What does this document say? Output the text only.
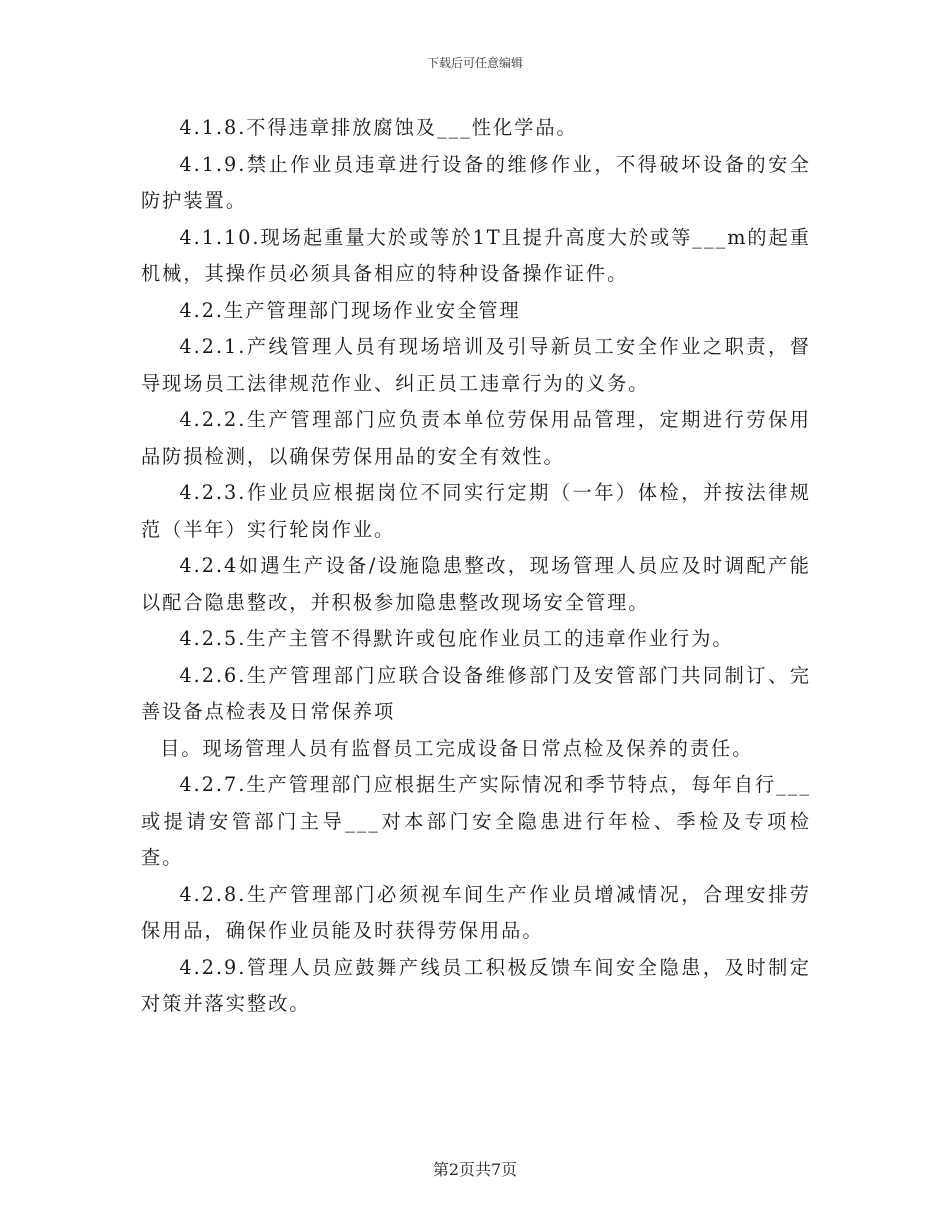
下载后可任意编辑

4.1.8.不得违章排放腐蚀及___性化学品。

4.1.9.禁止作业员违章进行设备的维修作业，不得破坏设备的安全防护装置。

4.1.10.现场起重量大於或等於1T且提升高度大於或等___m的起重机械，其操作员必须具备相应的特种设备操作证件。

4.2.生产管理部门现场作业安全管理

4.2.1.产线管理人员有现场培训及引导新员工安全作业之职责，督导现场员工法律规范作业、纠正员工违章行为的义务。

4.2.2.生产管理部门应负责本单位劳保用品管理，定期进行劳保用品防损检测，以确保劳保用品的安全有效性。

4.2.3.作业员应根据岗位不同实行定期（一年）体检，并按法律规范（半年）实行轮岗作业。

4.2.4如遇生产设备/设施隐患整改，现场管理人员应及时调配产能以配合隐患整改，并积极参加隐患整改现场安全管理。

4.2.5.生产主管不得默许或包庇作业员工的违章作业行为。

4.2.6.生产管理部门应联合设备维修部门及安管部门共同制订、完善设备点检表及日常保养项

目。现场管理人员有监督员工完成设备日常点检及保养的责任。

4.2.7.生产管理部门应根据生产实际情况和季节特点，每年自行___或提请安管部门主导___对本部门安全隐患进行年检、季检及专项检查。

4.2.8.生产管理部门必须视车间生产作业员增减情况，合理安排劳保用品，确保作业员能及时获得劳保用品。

4.2.9.管理人员应鼓舞产线员工积极反馈车间安全隐患，及时制定对策并落实整改。

第2页共7页
